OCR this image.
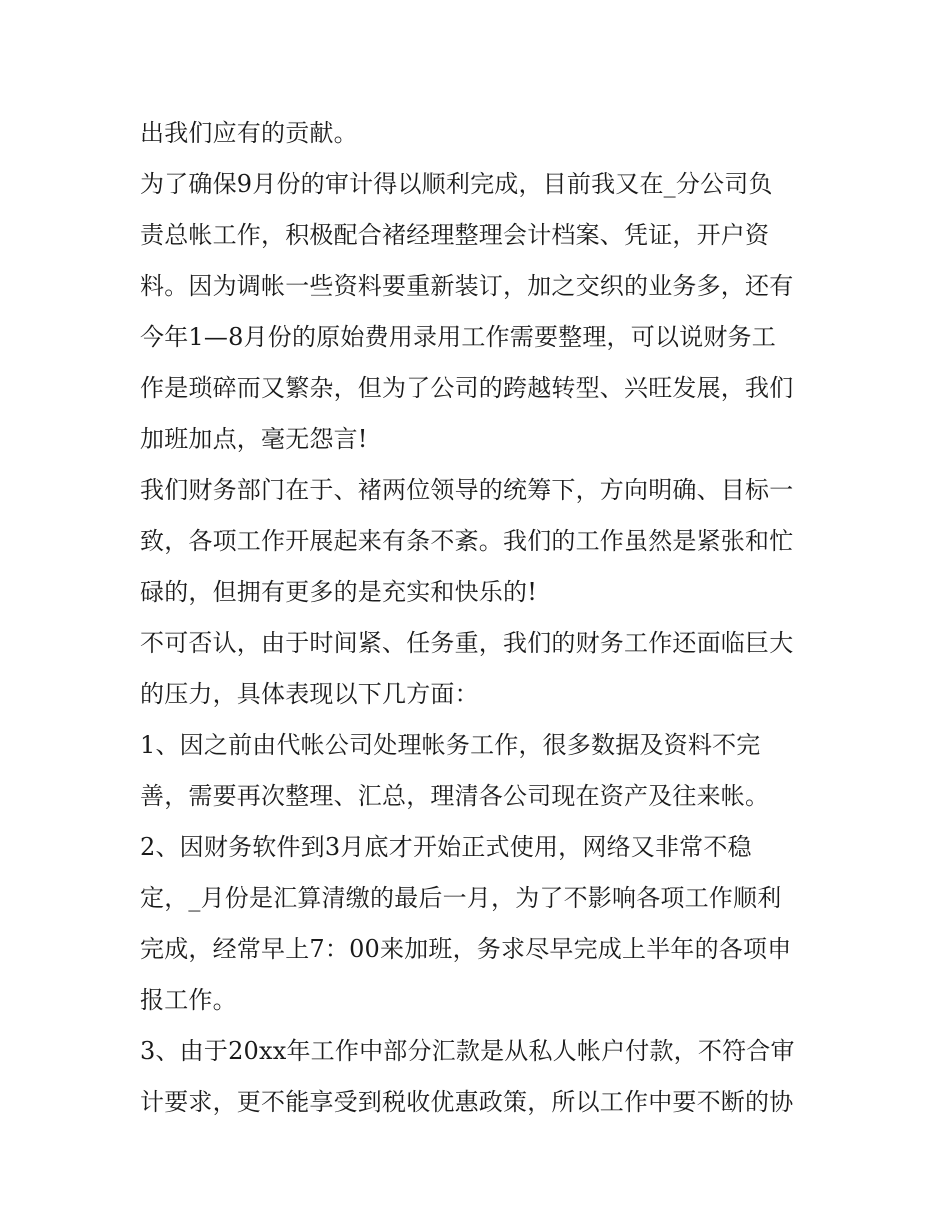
出我们应有的贡献。
为了确保9月份的审计得以顺利完成，目前我又在_分公司负
责总帐工作，积极配合褚经理整理会计档案、凭证，开户资
料。因为调帐一些资料要重新装订，加之交织的业务多，还有
今年1—8月份的原始费用录用工作需要整理，可以说财务工
作是琐碎而又繁杂，但为了公司的跨越转型、兴旺发展，我们
加班加点，毫无怨言!
我们财务部门在于、褚两位领导的统筹下，方向明确、目标一
致，各项工作开展起来有条不紊。我们的工作虽然是紧张和忙
碌的，但拥有更多的是充实和快乐的!
不可否认，由于时间紧、任务重，我们的财务工作还面临巨大
的压力，具体表现以下几方面：
1、因之前由代帐公司处理帐务工作，很多数据及资料不完
善，需要再次整理、汇总，理清各公司现在资产及往来帐。
2、因财务软件到3月底才开始正式使用，网络又非常不稳
定，_月份是汇算清缴的最后一月，为了不影响各项工作顺利
完成，经常早上7：00来加班，务求尽早完成上半年的各项申
报工作。
3、由于20xx年工作中部分汇款是从私人帐户付款，不符合审
计要求，更不能享受到税收优惠政策，所以工作中要不断的协
